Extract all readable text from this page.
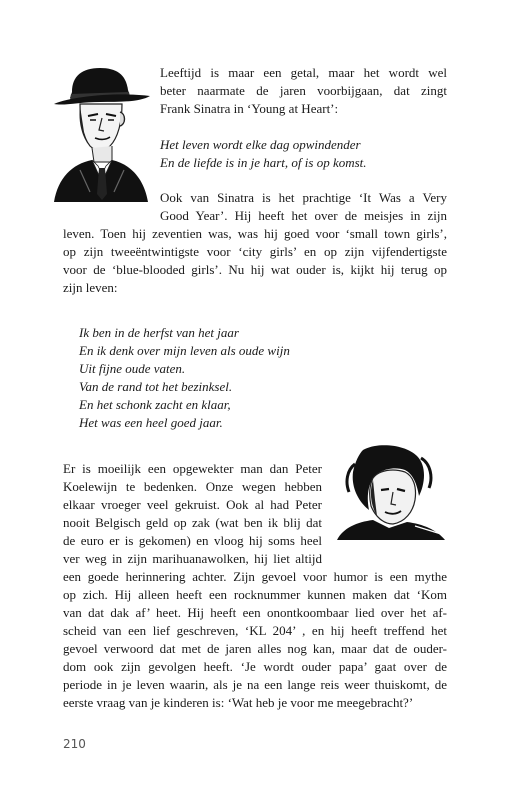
Leeftijd is maar een getal, maar het wordt wel
beter naarmate de jaren voorbijgaan, dat zingt
Frank Sinatra in ‘Young at Heart’:

Het leven wordt elke dag opwindender
En de liefde is in je hart, of is op komst.

Ook van Sinatra is het prachtige ‘It Was a Very
Good Year’. Hij heeft het over de meisjes in zijn

leven. Toen hij zeventien was, was hij goed voor ‘small town girls’,
op zijn tweeëntwintigste voor ‘city girls’ en op zijn vijfendertigste
voor de ‘blue-blooded girls’. Nu hij wat ouder is, kijkt hij terug op
zijn leven:

Ik ben in de herfst van het jaar
En ik denk over mijn leven als oude wijn
Uit fijne oude vaten.
Van de rand tot het bezinksel.
En het schonk zacht en klaar,
Het was een heel goed jaar.

Er is moeilijk een opgewekter man dan Peter
Koelewijn te bedenken. Onze wegen hebben
elkaar vroeger veel gekruist. Ook al had Peter
nooit Belgisch geld op zak (wat ben ik blij dat
de euro er is gekomen) en vloog hij soms heel
ver weg in zijn marihuanawolken, hij liet altijd

een goede herinnering achter. Zijn gevoel voor humor is een mythe
op zich. Hij alleen heeft een rocknummer kunnen maken dat ‘Kom
van dat dak af’ heet. Hij heeft een onontkoombaar lied over het af-
scheid van een lief geschreven, ‘KL 204’ , en hij heeft treffend het
gevoel verwoord dat met de jaren alles nog kan, maar dat de ouder-
dom ook zijn gevolgen heeft. ‘Je wordt ouder papa’ gaat over de
periode in je leven waarin, als je na een lange reis weer thuiskomt, de
eerste vraag van je kinderen is: ‘Wat heb je voor me meegebracht?’

210
